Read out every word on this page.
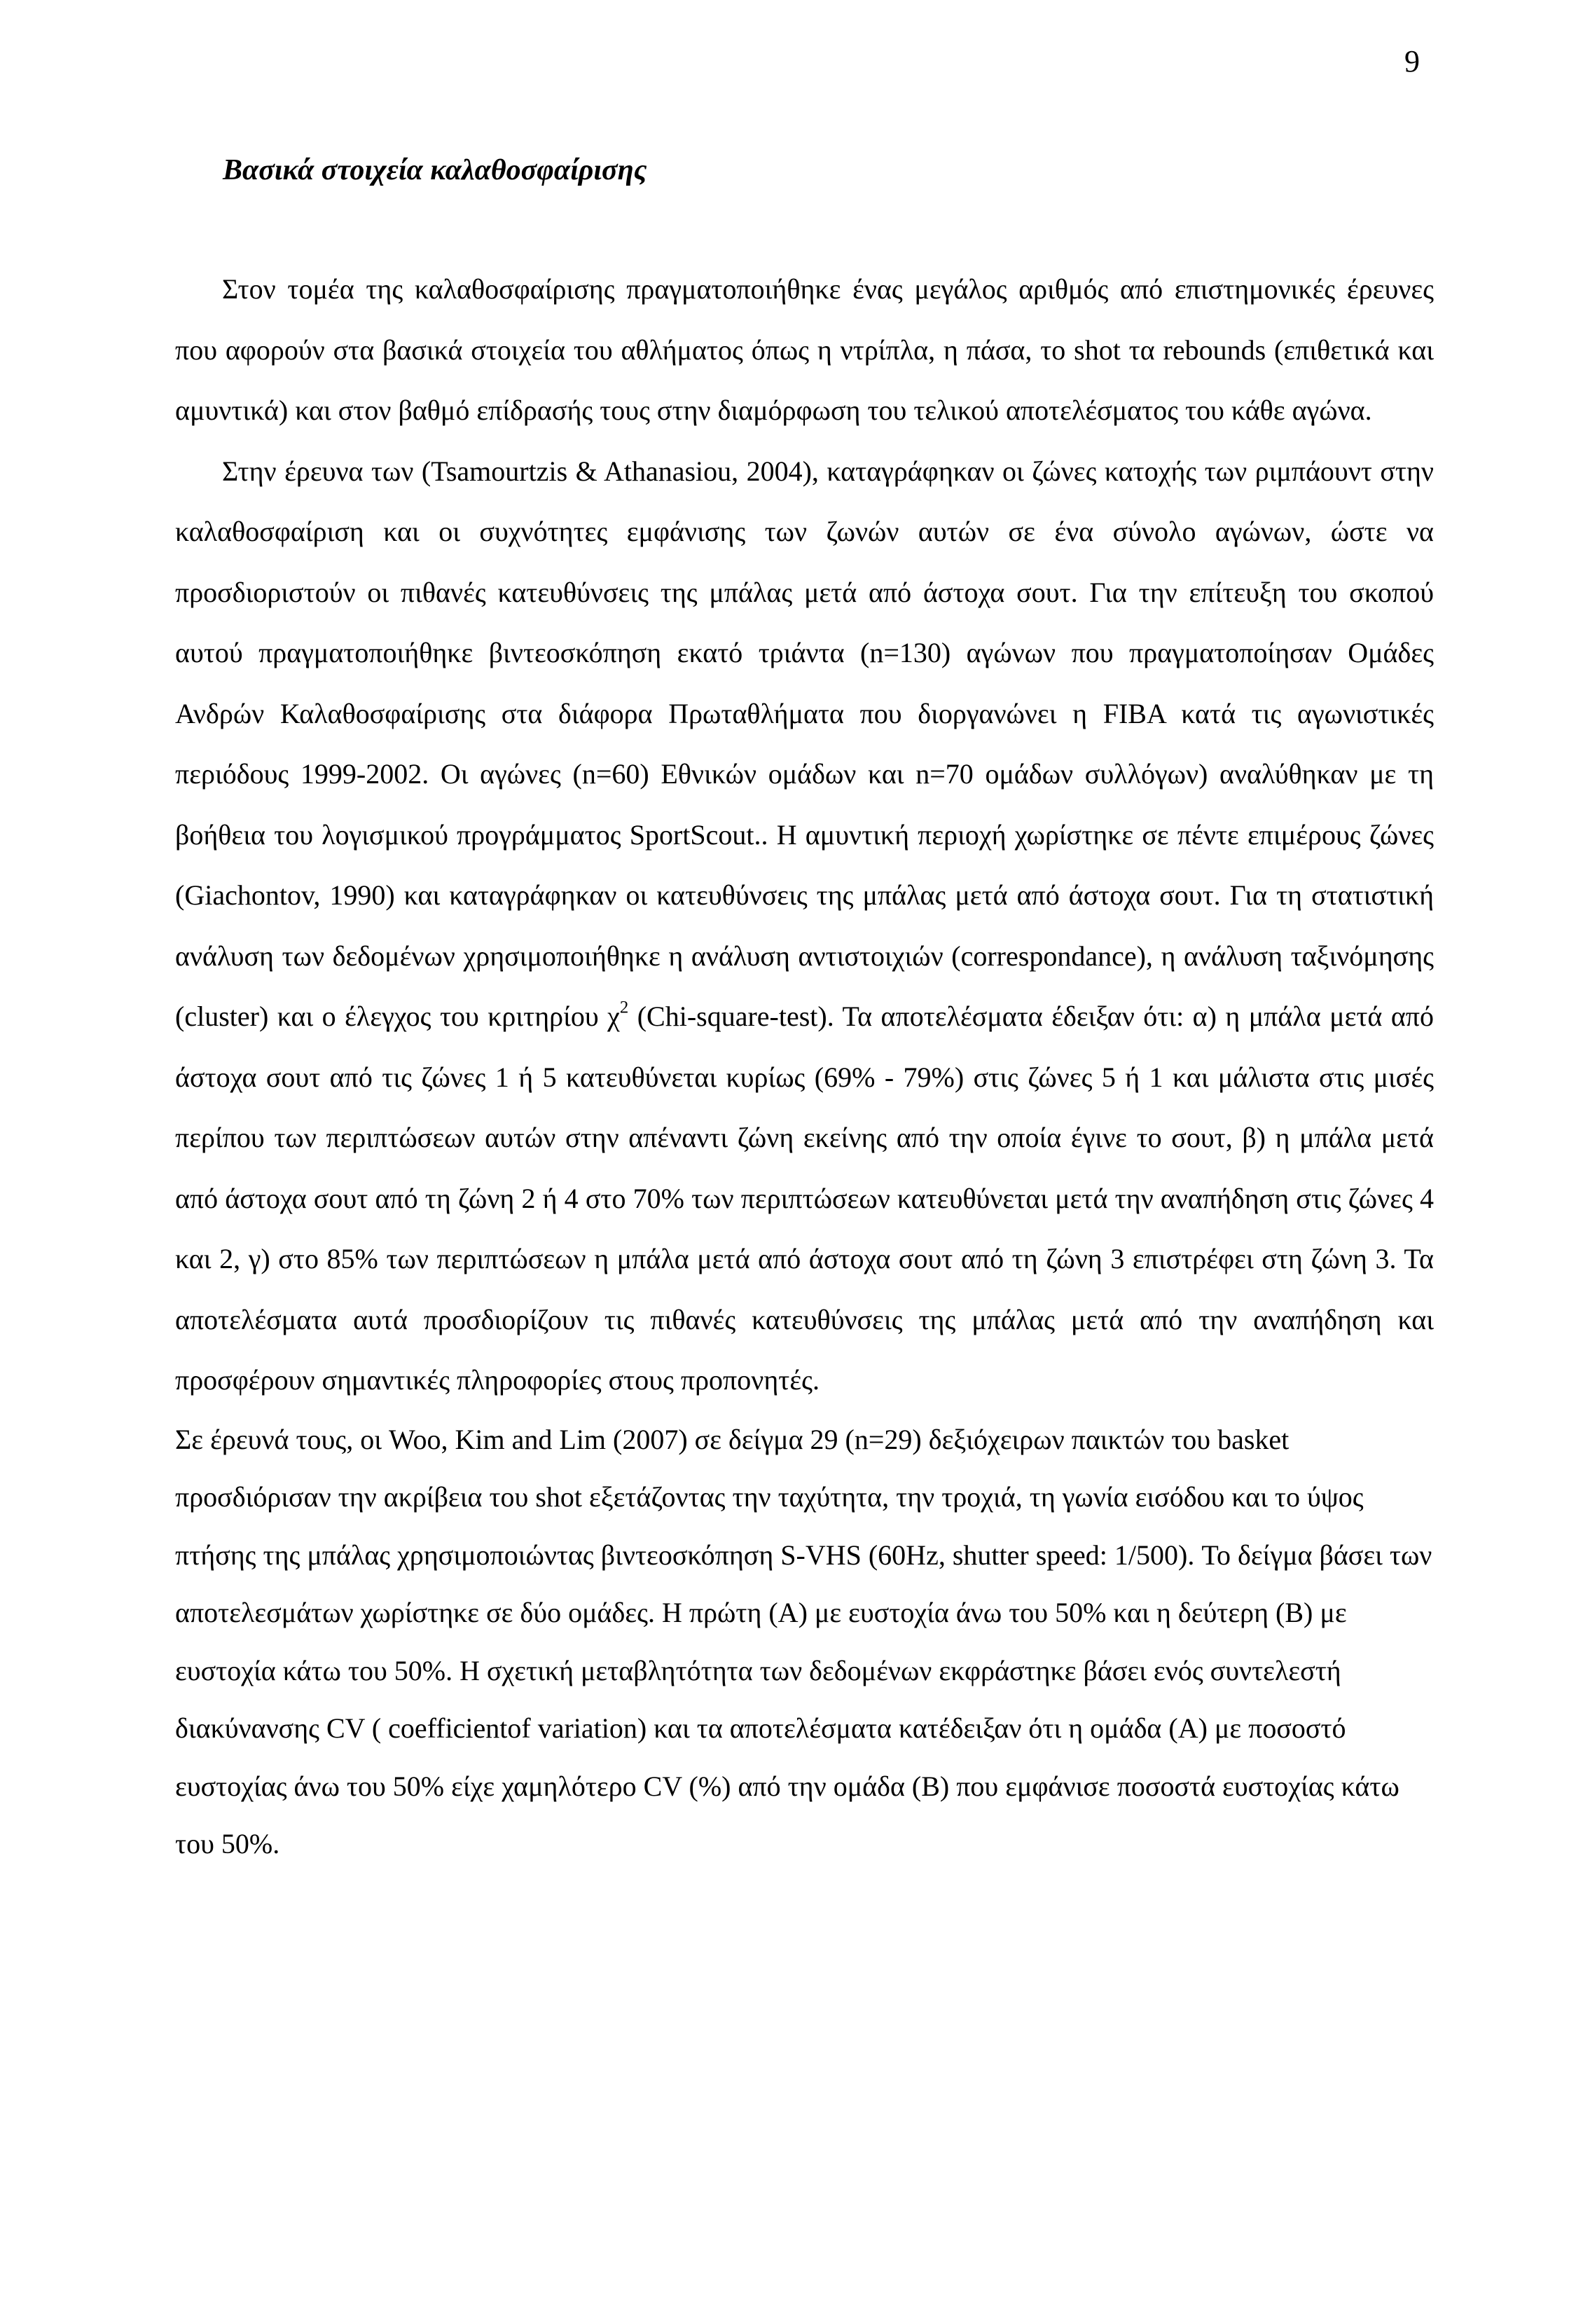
9
Βασικά στοιχεία καλαθοσφαίρισης

Στον τομέα της καλαθοσφαίρισης πραγματοποιήθηκε ένας μεγάλος αριθμός από επιστημονικές έρευνες που αφορούν στα βασικά στοιχεία του αθλήματος όπως η ντρίπλα, η πάσα, το shot τα rebounds (επιθετικά και αμυντικά) και στον βαθμό επίδρασής τους στην διαμόρφωση του τελικού αποτελέσματος του κάθε αγώνα.

Στην έρευνα των (Tsamourtzis & Athanasiou, 2004), καταγράφηκαν οι ζώνες κατοχής των ριμπάουντ στην καλαθοσφαίριση και οι συχνότητες εμφάνισης των ζωνών αυτών σε ένα σύνολο αγώνων, ώστε να προσδιοριστούν οι πιθανές κατευθύνσεις της μπάλας μετά από άστοχα σουτ. Για την επίτευξη του σκοπού αυτού πραγματοποιήθηκε βιντεοσκόπηση εκατό τριάντα (n=130) αγώνων που πραγματοποίησαν Ομάδες Ανδρών Καλαθοσφαίρισης στα διάφορα Πρωταθλήματα που διοργανώνει η FIBA κατά τις αγωνιστικές περιόδους 1999-2002. Οι αγώνες (n=60) Εθνικών ομάδων και n=70 ομάδων συλλόγων) αναλύθηκαν με τη βοήθεια του λογισμικού προγράμματος SportScout.. Η αμυντική περιοχή χωρίστηκε σε πέντε επιμέρους ζώνες (Giachontov, 1990) και καταγράφηκαν οι κατευθύνσεις της μπάλας μετά από άστοχα σουτ. Για τη στατιστική ανάλυση των δεδομένων χρησιμοποιήθηκε η ανάλυση αντιστοιχιών (correspondance), η ανάλυση ταξινόμησης (cluster) και ο έλεγχος του κριτηρίου $\chi^2$ (Chi-square-test). Τα αποτελέσματα έδειξαν ότι: α) η μπάλα μετά από άστοχα σουτ από τις ζώνες 1 ή 5 κατευθύνεται κυρίως (69% - 79%) στις ζώνες 5 ή 1 και μάλιστα στις μισές περίπου των περιπτώσεων αυτών στην απέναντι ζώνη εκείνης από την οποία έγινε το σουτ, β) η μπάλα μετά από άστοχα σουτ από τη ζώνη 2 ή 4 στο 70% των περιπτώσεων κατευθύνεται μετά την αναπήδηση στις ζώνες 4 και 2, γ) στο 85% των περιπτώσεων η μπάλα μετά από άστοχα σουτ από τη ζώνη 3 επιστρέφει στη ζώνη 3. Τα αποτελέσματα αυτά προσδιορίζουν τις πιθανές κατευθύνσεις της μπάλας μετά από την αναπήδηση και προσφέρουν σημαντικές πληροφορίες στους προπονητές.

Σε έρευνά τους, οι Woo, Kim and Lim (2007) σε δείγμα 29 (n=29) δεξιόχειρων παικτών του basket προσδιόρισαν την ακρίβεια του shot εξετάζοντας την ταχύτητα, την τροχιά, τη γωνία εισόδου και το ύψος πτήσης της μπάλας χρησιμοποιώντας βιντεοσκόπηση S-VHS (60Hz, shutter speed: 1/500). Το δείγμα βάσει των αποτελεσμάτων χωρίστηκε σε δύο ομάδες. Η πρώτη (Α) με ευστοχία άνω του 50% και η δεύτερη (Β) με ευστοχία κάτω του 50%. Η σχετική μεταβλητότητα των δεδομένων εκφράστηκε βάσει ενός συντελεστή διακύνανσης CV ( coefficientof variation) και τα αποτελέσματα κατέδειξαν ότι η ομάδα (Α) με ποσοστό ευστοχίας άνω του 50% είχε χαμηλότερο CV (%) από την ομάδα (Β) που εμφάνισε ποσοστά ευστοχίας κάτω του 50%.
